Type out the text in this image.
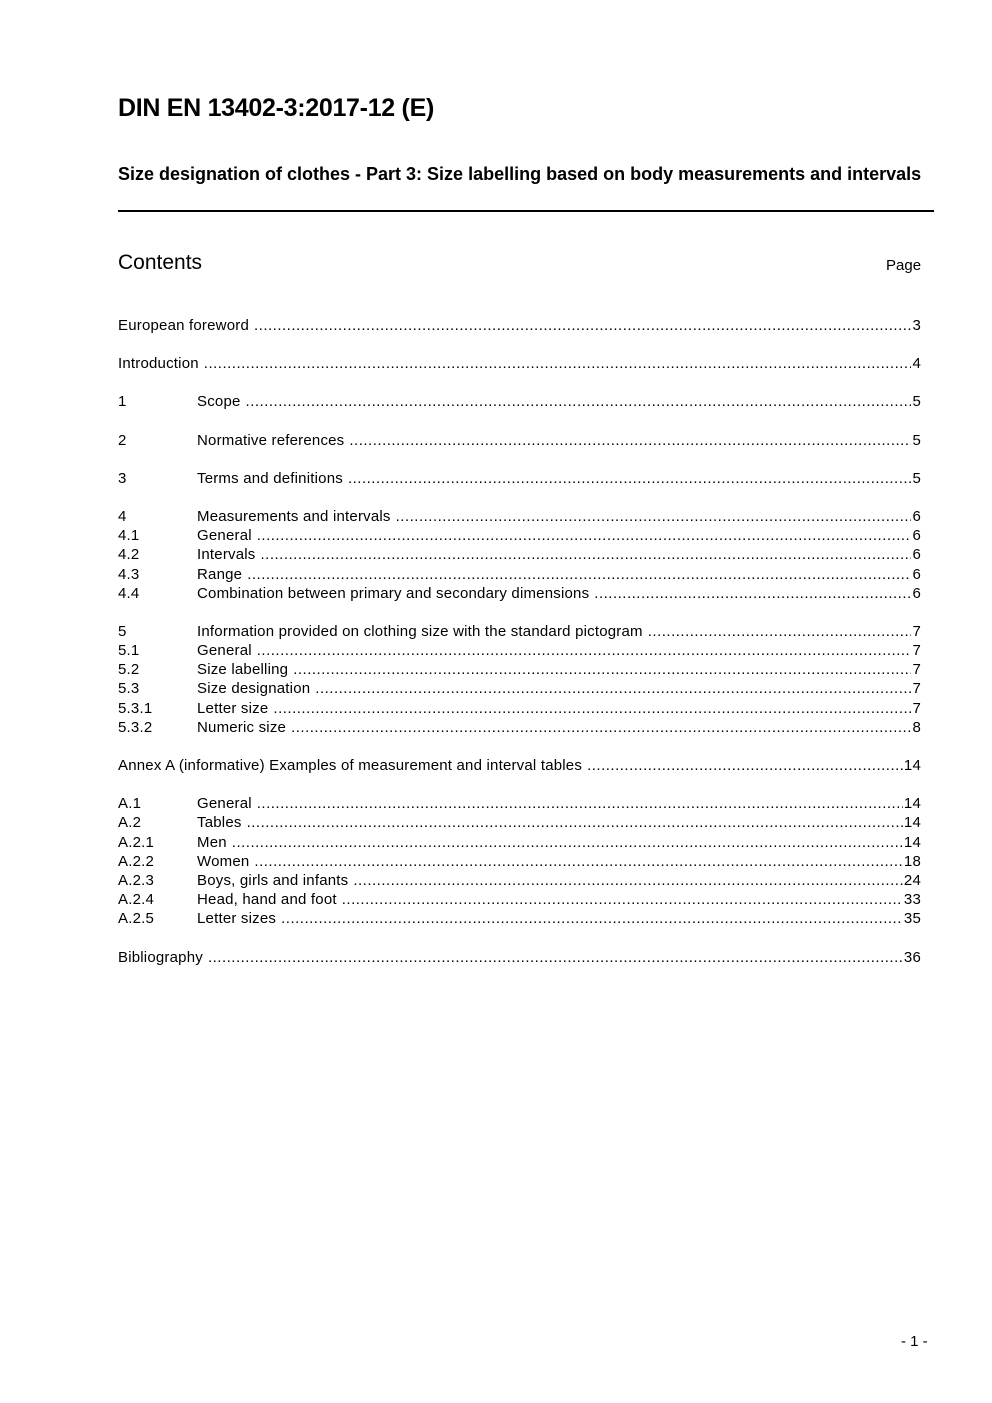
DIN EN 13402-3:2017-12 (E)
Size designation of clothes - Part 3: Size labelling based on body measurements and intervals
Contents	Page
European foreword .....	3
Introduction .....	4
1	Scope .....	5
2	Normative references .....	5
3	Terms and definitions .....	5
4	Measurements and intervals .....	6
4.1	General .....	6
4.2	Intervals .....	6
4.3	Range .....	6
4.4	Combination between primary and secondary dimensions .....	6
5	Information provided on clothing size with the standard pictogram .....	7
5.1	General .....	7
5.2	Size labelling .....	7
5.3	Size designation .....	7
5.3.1	Letter size .....	7
5.3.2	Numeric size .....	8
Annex A (informative) Examples of measurement and interval tables .....	14
A.1	General .....	14
A.2	Tables .....	14
A.2.1	Men .....	14
A.2.2	Women .....	18
A.2.3	Boys, girls and infants .....	24
A.2.4	Head, hand and foot .....	33
A.2.5	Letter sizes .....	35
Bibliography .....	36
- 1 -
